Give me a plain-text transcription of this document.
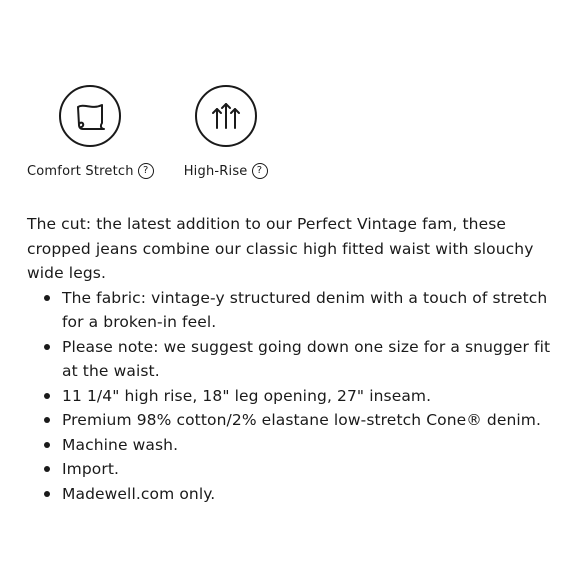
Comfort Stretch ?	High-Rise ?

The cut: the latest addition to our Perfect Vintage fam, these cropped jeans combine our classic high fitted waist with slouchy wide legs.

The fabric: vintage-y structured denim with a touch of stretch for a broken-in feel.
Please note: we suggest going down one size for a snugger fit at the waist.
11 1/4" high rise, 18" leg opening, 27" inseam.
Premium 98% cotton/2% elastane low-stretch Cone® denim.
Machine wash.
Import.
Madewell.com only.
